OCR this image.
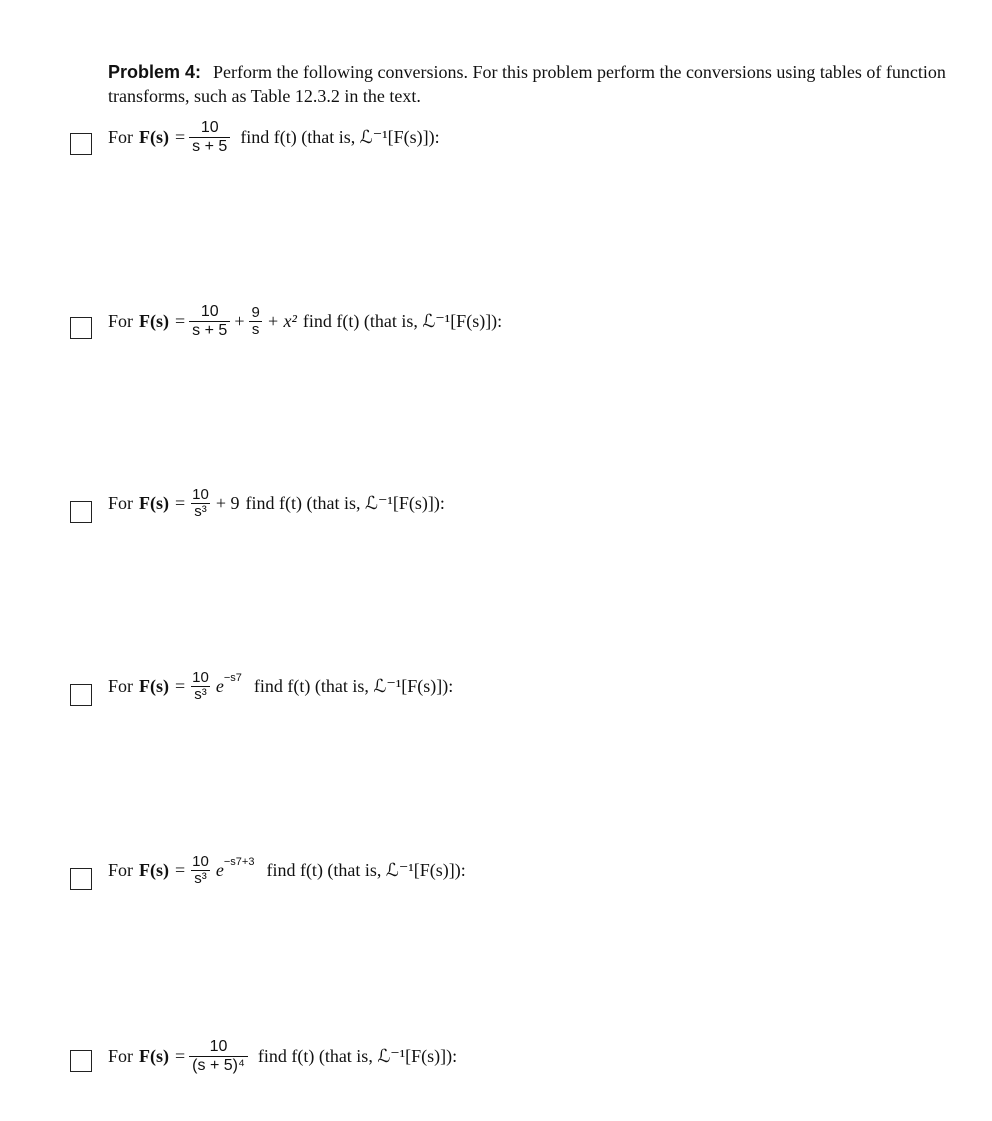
Problem 4: Perform the following conversions. For this problem perform the conversions using tables of function transforms, such as Table 12.3.2 in the text.
For $F(s) = \frac{10}{s + 5}$ find f(t) (that is, ℒ⁻¹[F(s)]):
For $F(s) = \frac{10}{s + 5} + \frac{9}{s} + x^2$ find f(t) (that is, ℒ⁻¹[F(s)]):
For $F(s) = \frac{10}{\text{s³}} + 9$ find f(t) (that is, ℒ⁻¹[F(s)]):
For $F(s) = \frac{10}{\text{s³}}$ e −s7 find f(t) (that is, ℒ⁻¹[F(s)]):
For $F(s) = \frac{10}{\text{s³}}$ e −s7+3 find f(t) (that is, ℒ⁻¹[F(s)]):
For $F(s) = \frac{10}{\text{(s + 5)⁴}}$ find f(t) (that is, ℒ⁻¹[F(s)]):
